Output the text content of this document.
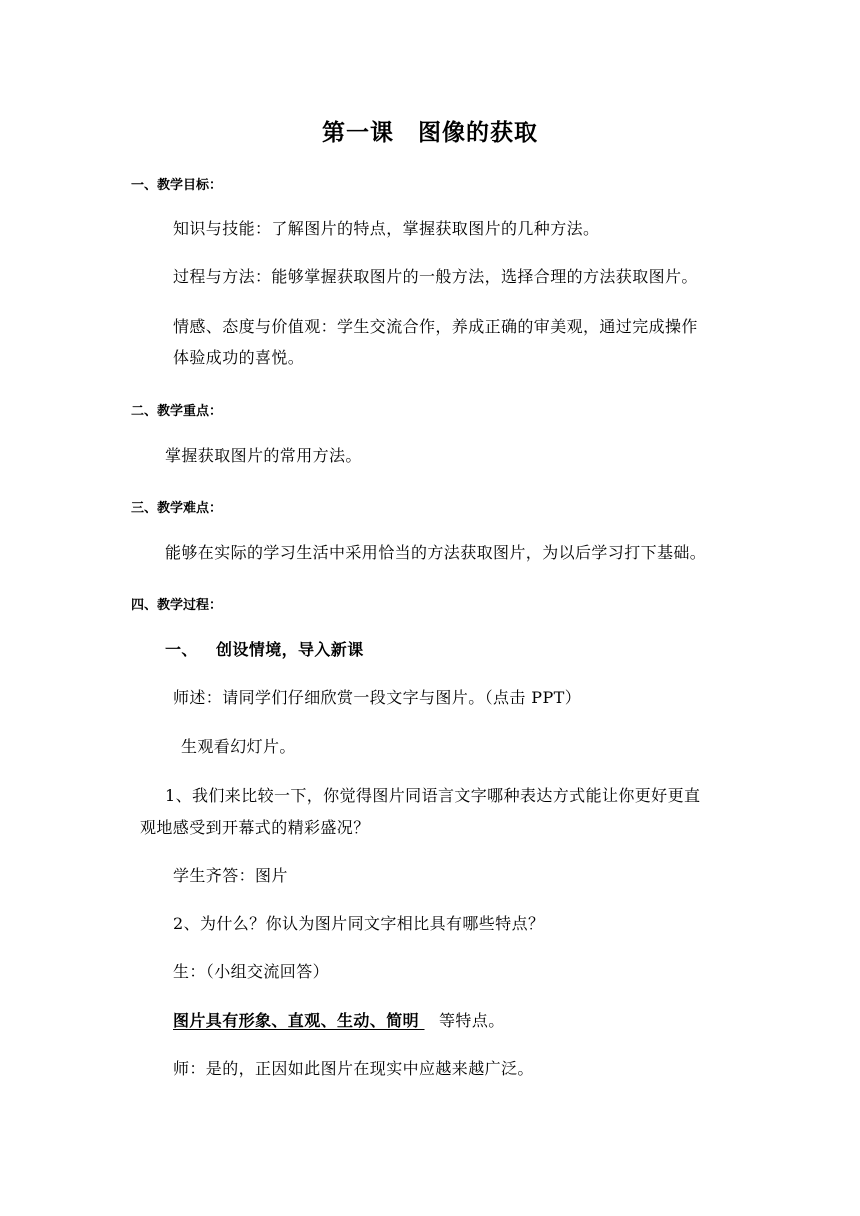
第一课　图像的获取
一、教学目标：
知识与技能：了解图片的特点，掌握获取图片的几种方法。
过程与方法：能够掌握获取图片的一般方法，选择合理的方法获取图片。
情感、态度与价值观：学生交流合作，养成正确的审美观，通过完成操作
体验成功的喜悦。
二、教学重点：
掌握获取图片的常用方法。
三、教学难点：
能够在实际的学习生活中采用恰当的方法获取图片，为以后学习打下基础。
四、教学过程：
一、 创设情境，导入新课
师述：请同学们仔细欣赏一段文字与图片。（点击 PPT）
生观看幻灯片。
1、我们来比较一下，你觉得图片同语言文字哪种表达方式能让你更好更直
观地感受到开幕式的精彩盛况？
学生齐答：图片
2、为什么？你认为图片同文字相比具有哪些特点？
生：（小组交流回答）
图片具有形象、直观、生动、简明 等特点。
师：是的，正因如此图片在现实中应越来越广泛。
